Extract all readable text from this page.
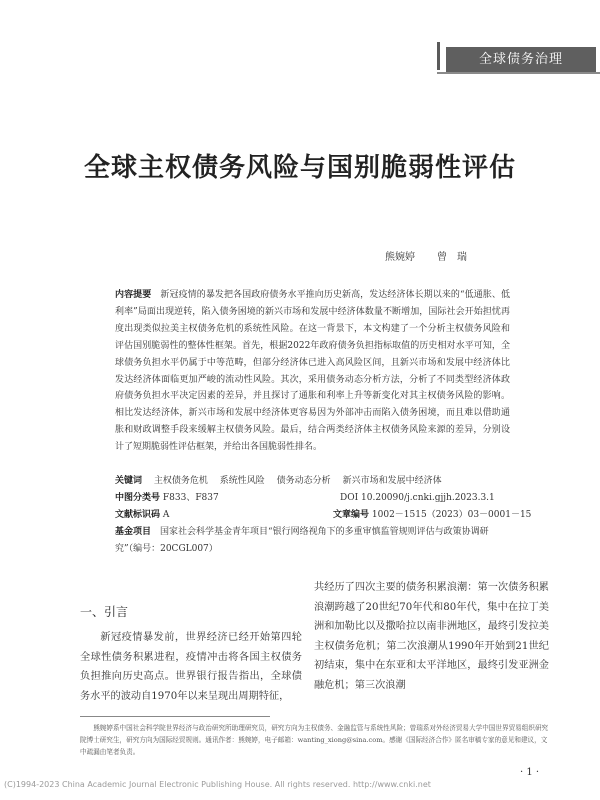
全球债务治理
全球主权债务风险与国别脆弱性评估
熊婉婷 曾　瑞
内容提要　 新冠疫情的暴发把各国政府债务水平推向历史新高，发达经济体长期以来的“低通胀、低利率”局面出现逆转，陷入债务困境的新兴市场和发展中经济体数量不断增加，国际社会开始担忧再度出现类似拉美主权债务危机的系统性风险。在这一背景下，本文构建了一个分析主权债务风险和评估国别脆弱性的整体性框架。首先，根据2022年政府债务负担指标取值的历史相对水平可知，全球债务负担水平仍属于中等范畴，但部分经济体已进入高风险区间，且新兴市场和发展中经济体比发达经济体面临更加严峻的流动性风险。其次，采用债务动态分析方法，分析了不同类型经济体政府债务负担水平决定因素的差异，并且探讨了通胀和利率上升等新变化对其主权债务风险的影响。相比发达经济体，新兴市场和发展中经济体更容易因为外部冲击而陷入债务困境，而且难以借助通胀和财政调整手段来缓解主权债务风险。最后，结合两类经济体主权债务风险来源的差异，分别设计了短期脆弱性评估框架，并给出各国脆弱性排名。
关键词　 主权债务危机　 系统性风险　 债务动态分析　 新兴市场和发展中经济体
中图分类号 F833、F837	DOI 10.20090/j.cnki.gjjh.2023.3.1
文献标识码 A	文章编号 1002－1515（2023）03－0001－15
基金项目　 国家社会科学基金青年项目“银行网络视角下的多重审慎监管规则评估与政策协调研究”（编号：20CGL007）
一、引言

新冠疫情暴发前，世界经济已经开始第四轮全球性债务积累进程，疫情冲击将各国主权债务负担推向历史高点。世界银行报告指出，全球债务水平的波动自1970年以来呈现出周期特征，

共经历了四次主要的债务积累浪潮：第一次债务积累浪潮跨越了20世纪70年代和80年代，集中在拉丁美洲和加勒比以及撒哈拉以南非洲地区，最终引发拉美主权债务危机；第二次浪潮从1990年开始到21世纪初结束，集中在东亚和太平洋地区，最终引发亚洲金融危机；第三次浪潮

熊婉婷系中国社会科学院世界经济与政治研究所助理研究员，研究方向为主权债务、金融监管与系统性风险；曾瑞系对外经济贸易大学中国世界贸易组织研究院博士研究生，研究方向为国际经贸规则。通讯作者：熊婉婷，电子邮箱：wanting_xiong@sina.com。感谢《国际经济合作》匿名审稿专家的意见和建议，文中疏漏由笔者负责。
· 1 ·
(C)1994-2023 China Academic Journal Electronic Publishing House. All rights reserved. http://www.cnki.net
